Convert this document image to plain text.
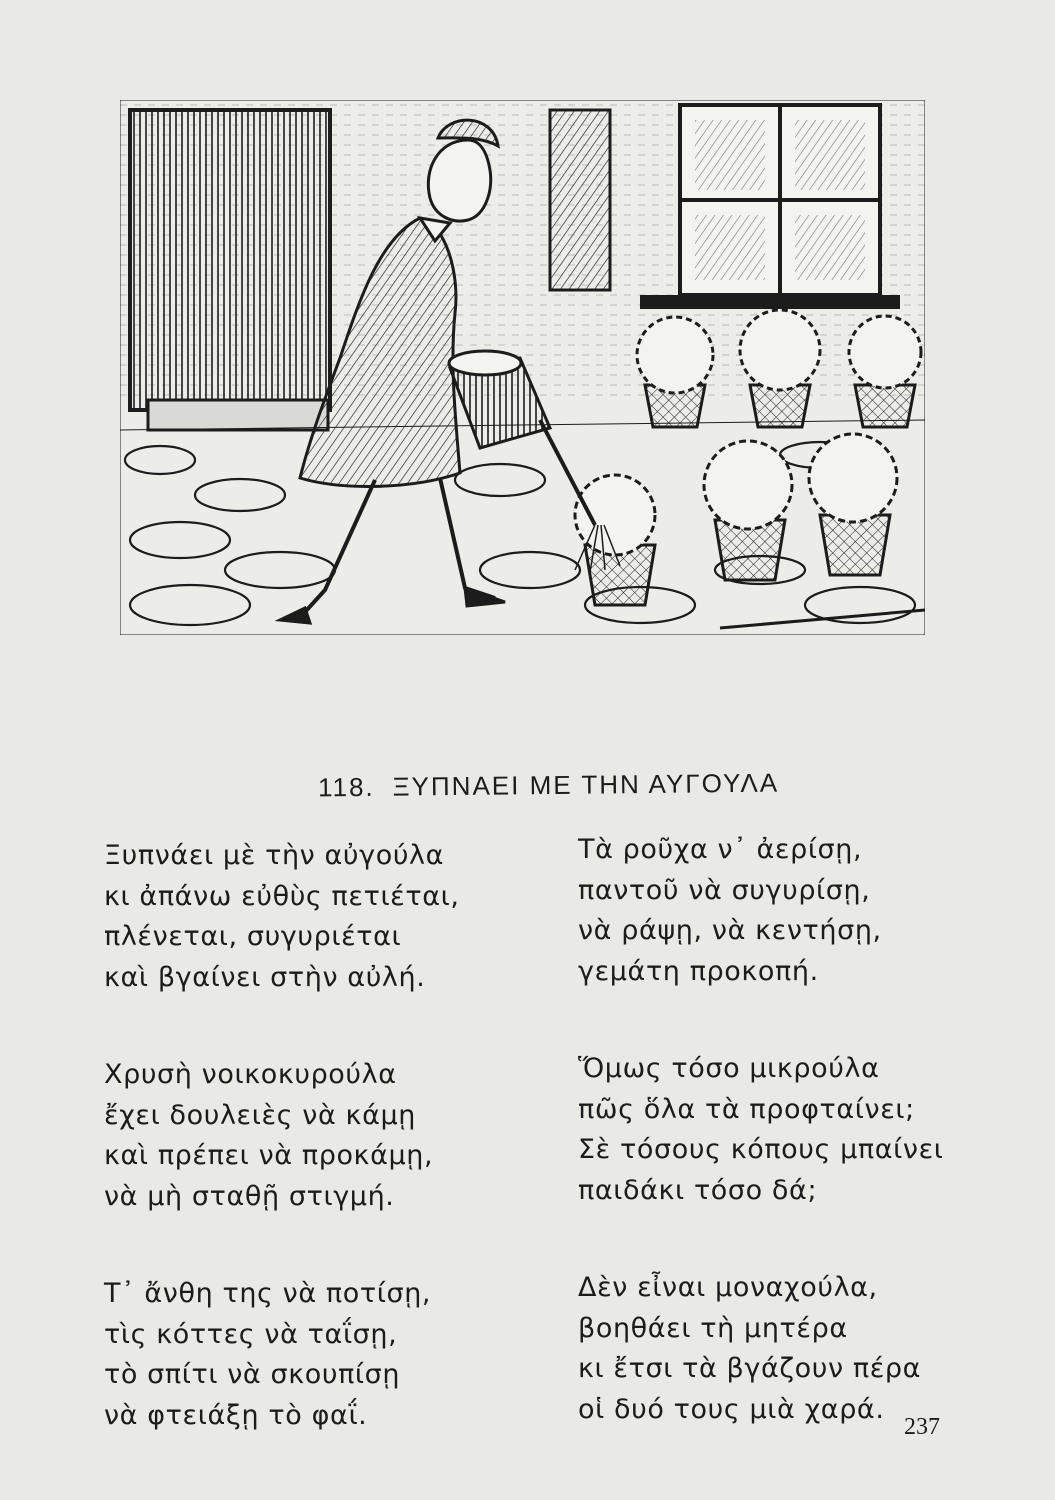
118. ΞΥΠΝΑΕΙ ΜΕ ΤΗΝ ΑΥΓΟΥΛΑ

Ξυπνάει μὲ τὴν αὐγούλα
κι ἀπάνω εὐθὺς πετιέται,
πλένεται, συγυριέται
καὶ βγαίνει στὴν αὐλή.

Χρυσὴ νοικοκυρούλα
ἔχει δουλειὲς νὰ κάμῃ
καὶ πρέπει νὰ προκάμῃ,
νὰ μὴ σταθῇ στιγμή.

Τ᾽ ἄνθη της νὰ ποτίσῃ,
τὶς κόττες νὰ ταΐσῃ,
τὸ σπίτι νὰ σκουπίσῃ
νὰ φτειάξῃ τὸ φαΐ.

Τὰ ροῦχα ν᾽ ἀερίσῃ,
παντοῦ νὰ συγυρίσῃ,
νὰ ράψῃ, νὰ κεντήσῃ,
γεμάτη προκοπή.

Ὅμως τόσο μικρούλα
πῶς ὅλα τὰ προφταίνει;
Σὲ τόσους κόπους μπαίνει
παιδάκι τόσο δά;

Δὲν εἶναι μοναχούλα,
βοηθάει τὴ μητέρα
κι ἔτσι τὰ βγάζουν πέρα
οἱ δυό τους μιὰ χαρά.

237
